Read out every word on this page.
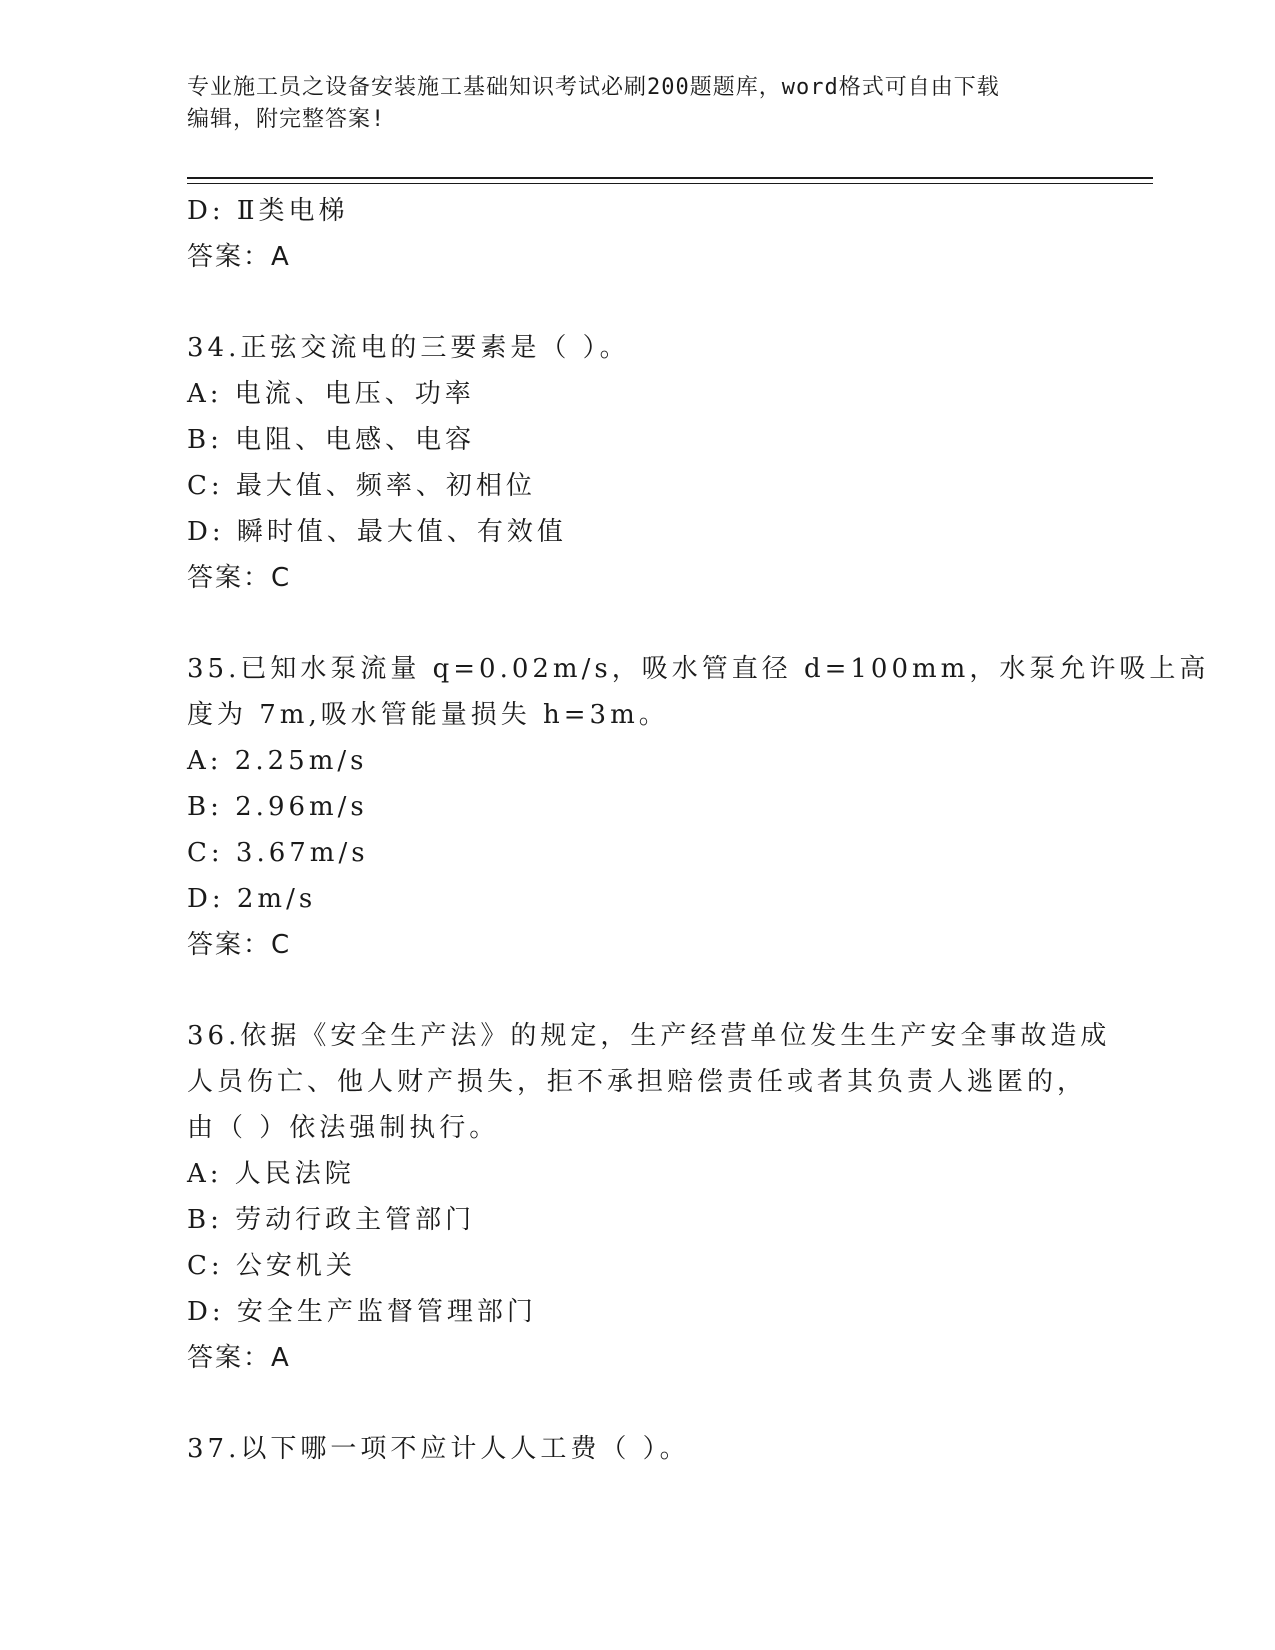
专业施工员之设备安装施工基础知识考试必刷200题题库，word格式可自由下载
编辑，附完整答案!
D: Ⅱ类电梯
答案：A
34.正弦交流电的三要素是（ ）。
A: 电流、电压、功率
B: 电阻、电感、电容
C: 最大值、频率、初相位
D: 瞬时值、最大值、有效值
答案：C
35.已知水泵流量 q=0.02m/s，吸水管直径 d=100mm，水泵允许吸上高
度为 7m,吸水管能量损失 h=3m。
A: 2.25m/s
B: 2.96m/s
C: 3.67m/s
D: 2m/s
答案：C
36.依据《安全生产法》的规定，生产经营单位发生生产安全事故造成
人员伤亡、他人财产损失，拒不承担赔偿责任或者其负责人逃匿的，
由（ ）依法强制执行。
A: 人民法院
B: 劳动行政主管部门
C: 公安机关
D: 安全生产监督管理部门
答案：A
37.以下哪一项不应计人人工费（ ）。
